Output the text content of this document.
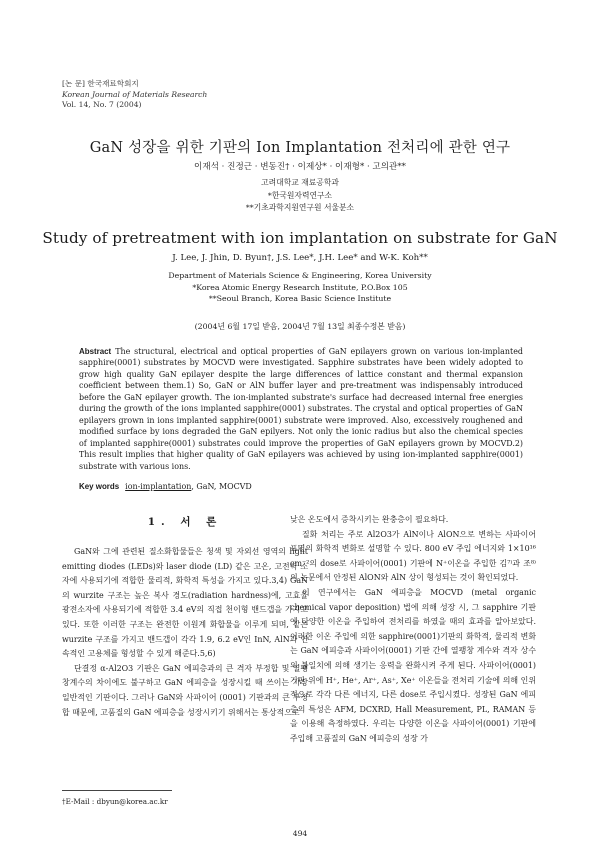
[논 문] 한국재료학회지
Korean Journal of Materials Research
Vol. 14, No. 7 (2004)
GaN 성장을 위한 기판의 Ion Implantation 전처리에 관한 연구
이재석 · 진정근 · 변동진† · 이제상* · 이재형* · 고의관**
고려대학교 재료공학과
*한국원자력연구소
**기초과학지원연구원 서울분소
Study of pretreatment with ion implantation on substrate for GaN
J. Lee, J. Jhin, D. Byun†, J.S. Lee*, J.H. Lee* and W-K. Koh**
Department of Materials Science & Engineering, Korea University
*Korea Atomic Energy Research Institute, P.O.Box 105
**Seoul Branch, Korea Basic Science Institute
(2004년 6월 17일 받음, 2004년 7월 13일 최종수정본 받음)
Abstract The structural, electrical and optical properties of GaN epilayers grown on various ion-implanted sapphire(0001) substrates by MOCVD were investigated. Sapphire substrates have been widely adopted to grow high quality GaN epilayer despite the large differences of lattice constant and thermal expansion coefficient between them.1) So, GaN or AlN buffer layer and pre-treatment was indispensably introduced before the GaN epilayer growth. The ion-implanted substrate's surface had decreased internal free energies during the growth of the ions implanted sapphire(0001) substrates. The crystal and optical properties of GaN epilayers grown in ions implanted sapphire(0001) substrate were improved. Also, excessively roughened and modified surface by ions degraded the GaN epilyers. Not only the ionic radius but also the chemical species of implanted sapphire(0001) substrates could improve the properties of GaN epilayers grown by MOCVD.2) This result implies that higher quality of GaN epilayers was achieved by using ion-implanted sapphire(0001) substrate with various ions.
Key words ion-implantation, GaN, MOCVD
1. 서 론

GaN와 그에 관련된 질소화합물들은 청색 및 자외선 영역의 light emitting diodes (LEDs)와 laser diode (LD) 같은 고온, 고전력 소자에 사용되기에 적합한 물리적, 화학적 특성을 가지고 있다.3,4) GaN의 wurzite 구조는 높은 복사 경도(radiation hardness)에, 고효율 광전소자에 사용되기에 적합한 3.4 eV의 직접 천이형 밴드갭을 가지고 있다. 또한 이러한 구조는 완전한 이원계 화합물을 이루게 되며, 같은 wurzite 구조를 가지고 밴드갭이 각각 1.9, 6.2 eV인 InN, AlN과 연속적인 고용체를 형성할 수 있게 해준다.5,6)

단결정 α-Al2O3 기판은 GaN 에피층과의 큰 격자 부정합 및 열팽창계수의 차이에도 불구하고 GaN 에피층을 성장시킬 때 쓰이는 가장 일반적인 기판이다. 그러나 GaN와 사파이어 (0001) 기판과의 큰 부정합 때문에, 고품질의 GaN 에피층을 성장시키기 위해서는 통상적으로

낮은 온도에서 증착시키는 완충층이 필요하다.

질화 처리는 주로 Al2O3가 AlN이나 AlON으로 변하는 사파이어 표면의 화학적 변화로 설명할 수 있다. 800 eV 주입 에너지와 1×10¹⁶ cm⁻²의 dose로 사파이어(0001) 기판에 N⁺이온을 주입한 김⁷⁾과 조⁸⁾의 논문에서 안정된 AlON와 AlN 상이 형성되는 것이 확인되었다.

이 연구에서는 GaN 에피층을 MOCVD (metal organic chemical vapor deposition) 법에 의해 성장 시, 그 sapphire 기판에 다양한 이온을 주입하여 전처리를 하였을 때의 효과를 알아보았다. 이러한 이온 주입에 의한 sapphire(0001)기판의 화학적, 물리적 변화는 GaN 에피층과 사파이어(0001) 기판 간에 열팽창 계수와 격자 상수의 불일치에 의해 생기는 응력을 완화시켜 주게 된다. 사파이어(0001) 기판 위에 H⁺, He⁺, Ar⁺, As⁺, Xe⁺ 이온들을 전처리 기술에 의해 인위적으로 각각 다른 에너지, 다른 dose로 주입시켰다. 성장된 GaN 에피층의 특성은 AFM, DCXRD, Hall Measurement, PL, RAMAN 등을 이용해 측정하였다. 우리는 다양한 이온을 사파이어(0001) 기판에 주입해 고품질의 GaN 에피층의 성장 가

†E-Mail : dbyun@korea.ac.kr
494
